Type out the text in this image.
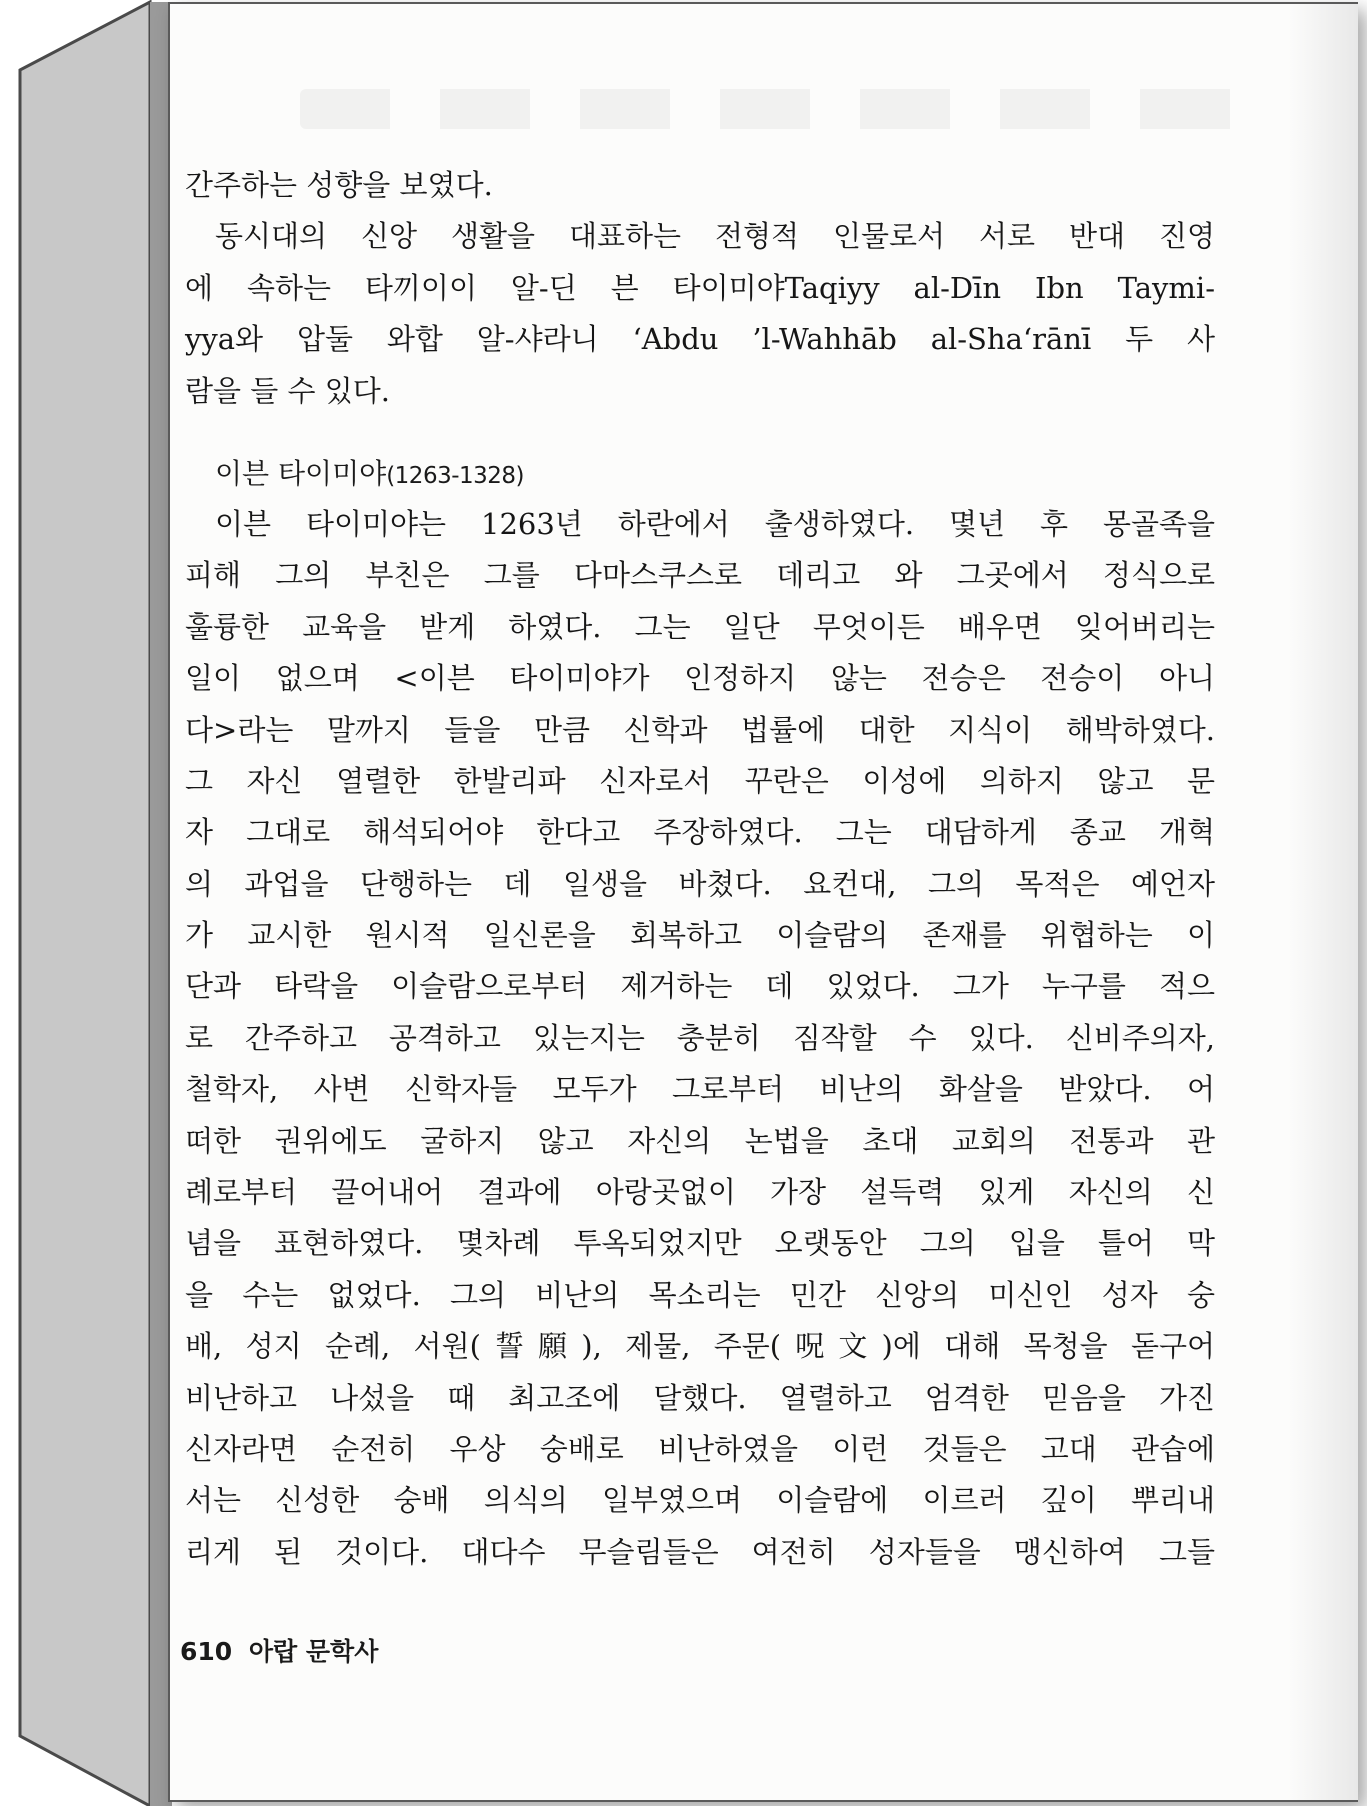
간주하는 성향을 보였다.
동시대의 신앙 생활을 대표하는 전형적 인물로서 서로 반대 진영
에 속하는 타끼이이 알-딘 븐 타이미야Taqiyy al-Dīn Ibn Taymi-
yya와 압둘 와합 알-샤라니 ‘Abdu ’l-Wahhāb al-Sha‘rānī 두 사
람을 들 수 있다.
이븐 타이미야(1263-1328)
이븐 타이미야는 1263년 하란에서 출생하였다. 몇년 후 몽골족을
피해 그의 부친은 그를 다마스쿠스로 데리고 와 그곳에서 정식으로
훌륭한 교육을 받게 하였다. 그는 일단 무엇이든 배우면 잊어버리는
일이 없으며 <이븐 타이미야가 인정하지 않는 전승은 전승이 아니
다>라는 말까지 들을 만큼 신학과 법률에 대한 지식이 해박하였다.
그 자신 열렬한 한발리파 신자로서 꾸란은 이성에 의하지 않고 문
자 그대로 해석되어야 한다고 주장하였다. 그는 대담하게 종교 개혁
의 과업을 단행하는 데 일생을 바쳤다. 요컨대, 그의 목적은 예언자
가 교시한 원시적 일신론을 회복하고 이슬람의 존재를 위협하는 이
단과 타락을 이슬람으로부터 제거하는 데 있었다. 그가 누구를 적으
로 간주하고 공격하고 있는지는 충분히 짐작할 수 있다. 신비주의자,
철학자, 사변 신학자들 모두가 그로부터 비난의 화살을 받았다. 어
떠한 권위에도 굴하지 않고 자신의 논법을 초대 교회의 전통과 관
례로부터 끌어내어 결과에 아랑곳없이 가장 설득력 있게 자신의 신
념을 표현하였다. 몇차례 투옥되었지만 오랫동안 그의 입을 틀어 막
을 수는 없었다. 그의 비난의 목소리는 민간 신앙의 미신인 성자 숭
배, 성지 순례, 서원(誓願), 제물, 주문(呪文)에 대해 목청을 돋구어
비난하고 나섰을 때 최고조에 달했다. 열렬하고 엄격한 믿음을 가진
신자라면 순전히 우상 숭배로 비난하였을 이런 것들은 고대 관습에
서는 신성한 숭배 의식의 일부였으며 이슬람에 이르러 깊이 뿌리내
리게 된 것이다. 대다수 무슬림들은 여전히 성자들을 맹신하여 그들
610 아랍 문학사
